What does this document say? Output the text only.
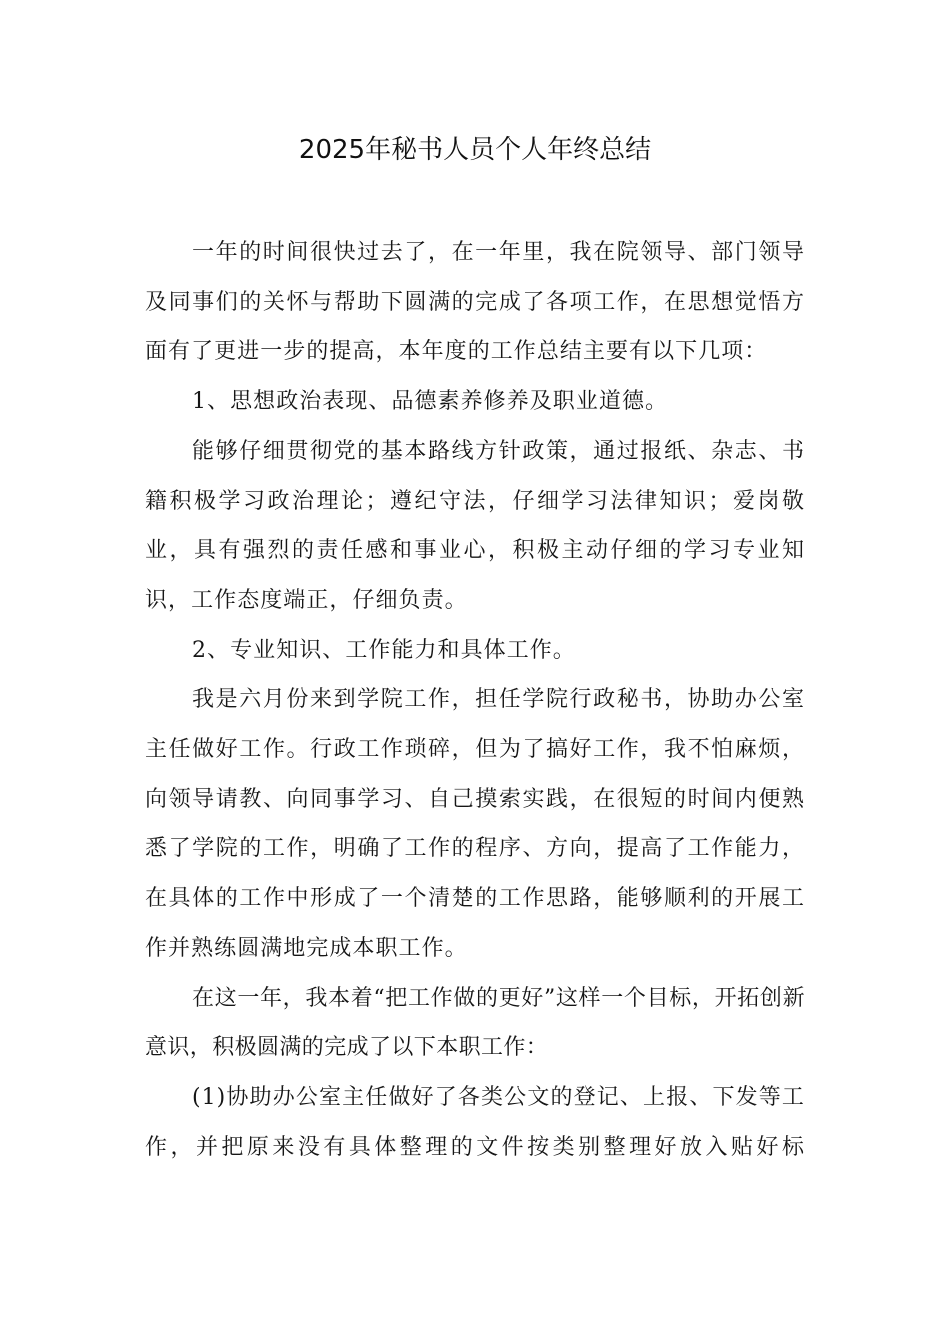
2025年秘书人员个人年终总结

一年的时间很快过去了，在一年里，我在院领导、部门领导及同事们的关怀与帮助下圆满的完成了各项工作，在思想觉悟方面有了更进一步的提高，本年度的工作总结主要有以下几项：

1、思想政治表现、品德素养修养及职业道德。

能够仔细贯彻党的基本路线方针政策，通过报纸、杂志、书籍积极学习政治理论；遵纪守法，仔细学习法律知识；爱岗敬业，具有强烈的责任感和事业心，积极主动仔细的学习专业知识，工作态度端正，仔细负责。

2、专业知识、工作能力和具体工作。

我是六月份来到学院工作，担任学院行政秘书，协助办公室主任做好工作。行政工作琐碎，但为了搞好工作，我不怕麻烦，向领导请教、向同事学习、自己摸索实践，在很短的时间内便熟悉了学院的工作，明确了工作的程序、方向，提高了工作能力，在具体的工作中形成了一个清楚的工作思路，能够顺利的开展工作并熟练圆满地完成本职工作。

在这一年，我本着“把工作做的更好”这样一个目标，开拓创新意识，积极圆满的完成了以下本职工作：

(1)协助办公室主任做好了各类公文的登记、上报、下发等工作，并把原来没有具体整理的文件按类别整理好放入贴好标
